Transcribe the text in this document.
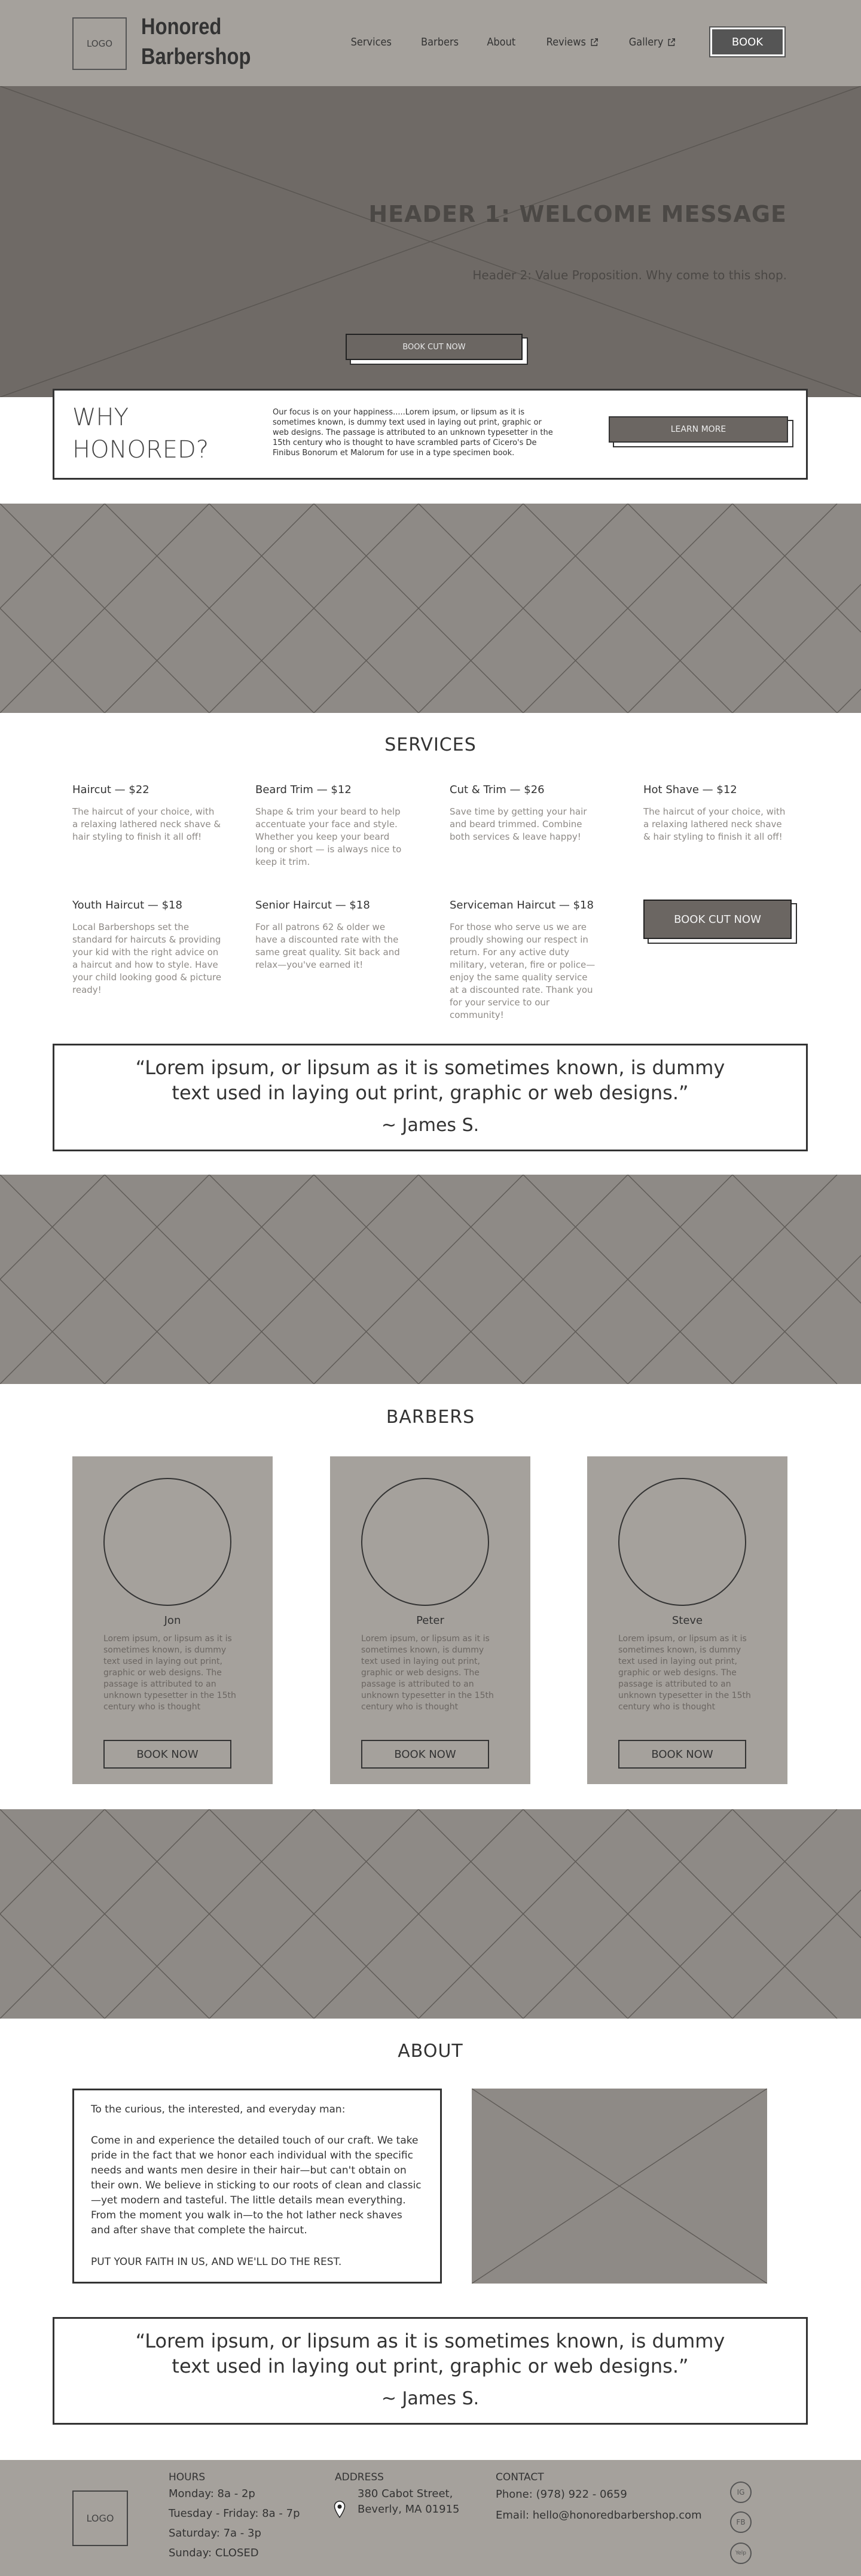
LOGO
Honored
Barbershop
Services	Barbers	About	Reviews	Gallery	BOOK
HEADER 1: WELCOME MESSAGE
Header 2: Value Proposition. Why come to this shop.
BOOK CUT NOW
WHY
HONORED?

Our focus is on your happiness.....Lorem ipsum, or lipsum as it is sometimes known, is dummy text used in laying out print, graphic or web designs. The passage is attributed to an unknown typesetter in the 15th century who is thought to have scrambled parts of Cicero's De Finibus Bonorum et Malorum for use in a type specimen book.

LEARN MORE
SERVICES
Haircut — $22
The haircut of your choice, with a relaxing lathered neck shave & hair styling to finish it all off!
Beard Trim — $12
Shape & trim your beard to help accentuate your face and style. Whether you keep your beard long or short — is always nice to keep it trim.
Cut & Trim — $26
Save time by getting your hair and beard trimmed. Combine both services & leave happy!
Hot Shave — $12
The haircut of your choice, with a relaxing lathered neck shave & hair styling to finish it all off!
Youth Haircut — $18
Local Barbershops set the standard for haircuts & providing your kid with the right advice on a haircut and how to style. Have your child looking good & picture ready!
Senior Haircut — $18
For all patrons 62 & older we have a discounted rate with the same great quality. Sit back and relax—you've earned it!
Serviceman Haircut — $18
For those who serve us we are proudly showing our respect in return. For any active duty military, veteran, fire or police—enjoy the same quality service at a discounted rate. Thank you for your service to our community!
BOOK CUT NOW

“Lorem ipsum, or lipsum as it is sometimes known, is dummy text used in laying out print, graphic or web designs.”

~ James S.

BARBERS
Jon

Lorem ipsum, or lipsum as it is sometimes known, is dummy text used in laying out print, graphic or web designs. The passage is attributed to an unknown typesetter in the 15th century who is thought

BOOK NOW
Peter

Lorem ipsum, or lipsum as it is sometimes known, is dummy text used in laying out print, graphic or web designs. The passage is attributed to an unknown typesetter in the 15th century who is thought

BOOK NOW
Steve

Lorem ipsum, or lipsum as it is sometimes known, is dummy text used in laying out print, graphic or web designs. The passage is attributed to an unknown typesetter in the 15th century who is thought

BOOK NOW
ABOUT

To the curious, the interested, and everyday man:

Come in and experience the detailed touch of our craft. We take pride in the fact that we honor each individual with the specific needs and wants men desire in their hair—but can't obtain on their own. We believe in sticking to our roots of clean and classic—yet modern and tasteful. The little details mean everything. From the moment you walk in—to the hot lather neck shaves and after shave that complete the haircut.

PUT YOUR FAITH IN US, AND WE'LL DO THE REST.

“Lorem ipsum, or lipsum as it is sometimes known, is dummy text used in laying out print, graphic or web designs.”

~ James S.

LOGO
HOURS
Monday: 8a - 2p
Tuesday - Friday: 8a - 7p
Saturday: 7a - 3p
Sunday: CLOSED
ADDRESS
380 Cabot Street,
Beverly, MA 01915
CONTACT
Phone: (978) 922 - 0659
Email: hello@honoredbarbershop.com
IG
FB
Yelp
